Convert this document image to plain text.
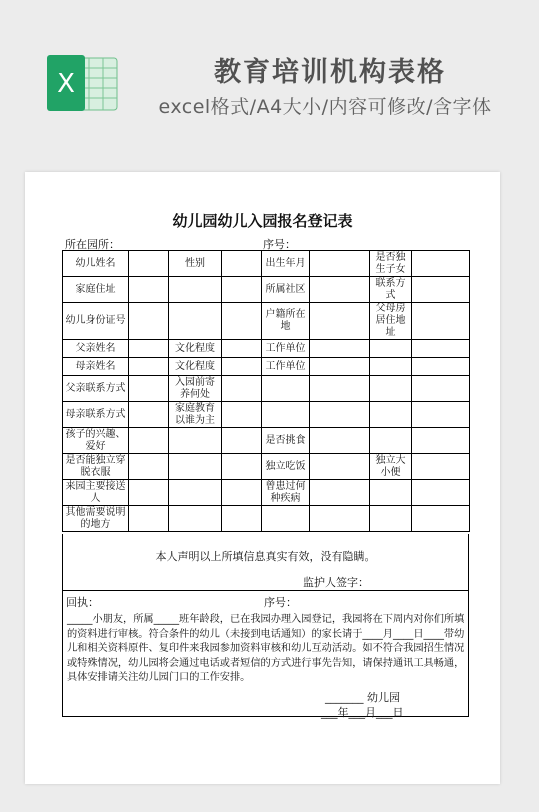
X	教育培训机构表格
excel格式/A4大小/内容可修改/含字体
幼儿园幼儿入园报名登记表
所在园所：	序号：
幼儿姓名		性别		出生年月		是否独生子女	
家庭住址				所属社区		联系方式	
幼儿身份证号				户籍所在地		父母房居住地址	
父亲姓名		文化程度		工作单位			
母亲姓名		文化程度		工作单位			
父亲联系方式		入园前寄养何处					
母亲联系方式		家庭教育以谁为主					
孩子的兴趣、爱好				是否挑食			
是否能独立穿脱衣服				独立吃饭		独立大小便	
来园主要接送人				曾患过何种疾病			
其他需要说明的地方							
本人声明以上所填信息真实有效，没有隐瞒。
监护人签字：
回执：	序号：
_____小朋友，所属_____班年龄段，已在我园办理入园登记，我园将在下周内对你们所填的资料进行审核。符合条件的幼儿（未接到电话通知）的家长请于____月____日____带幼儿和相关资料原件、复印件来我园参加资料审核和幼儿互动活动。如不符合我园招生情况或特殊情况，幼儿园将会通过电话或者短信的方式进行事先告知，请保持通讯工具畅通，具体安排请关注幼儿园门口的工作安排。
_______ 幼儿园
___年___月___日
